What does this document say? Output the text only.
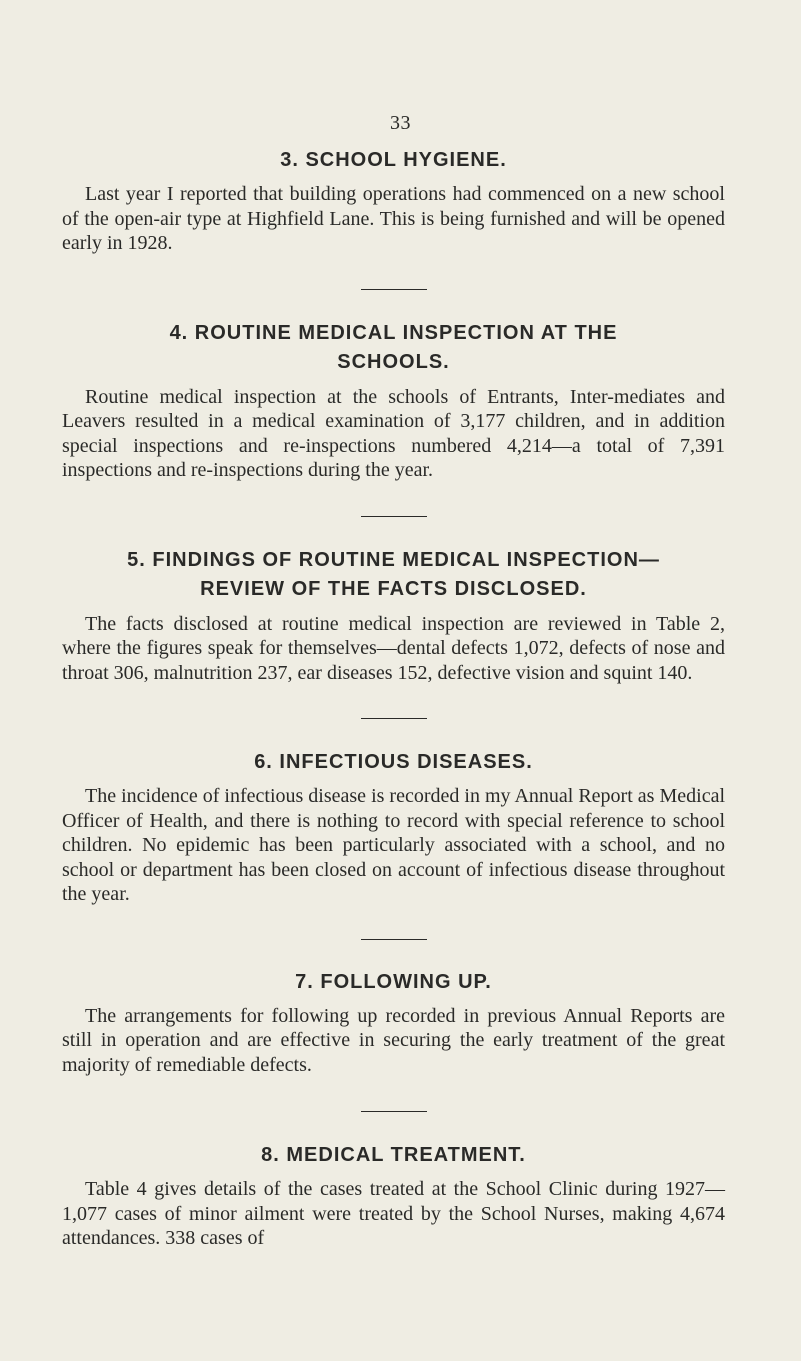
33
3. SCHOOL HYGIENE.

Last year I reported that building operations had commenced on a new school of the open-air type at Highfield Lane. This is being furnished and will be opened early in 1928.

4. ROUTINE MEDICAL INSPECTION AT THE
SCHOOLS.

Routine medical inspection at the schools of Entrants, Inter-mediates and Leavers resulted in a medical examination of 3,177 children, and in addition special inspections and re-inspections numbered 4,214—a total of 7,391 inspections and re-inspections during the year.

5. FINDINGS OF ROUTINE MEDICAL INSPECTION—
REVIEW OF THE FACTS DISCLOSED.

The facts disclosed at routine medical inspection are reviewed in Table 2, where the figures speak for themselves—dental defects 1,072, defects of nose and throat 306, malnutrition 237, ear diseases 152, defective vision and squint 140.

6. INFECTIOUS DISEASES.

The incidence of infectious disease is recorded in my Annual Report as Medical Officer of Health, and there is nothing to record with special reference to school children. No epidemic has been particularly associated with a school, and no school or department has been closed on account of infectious disease throughout the year.

7. FOLLOWING UP.

The arrangements for following up recorded in previous Annual Reports are still in operation and are effective in securing the early treatment of the great majority of remediable defects.

8. MEDICAL TREATMENT.

Table 4 gives details of the cases treated at the School Clinic during 1927—1,077 cases of minor ailment were treated by the School Nurses, making 4,674 attendances. 338 cases of
